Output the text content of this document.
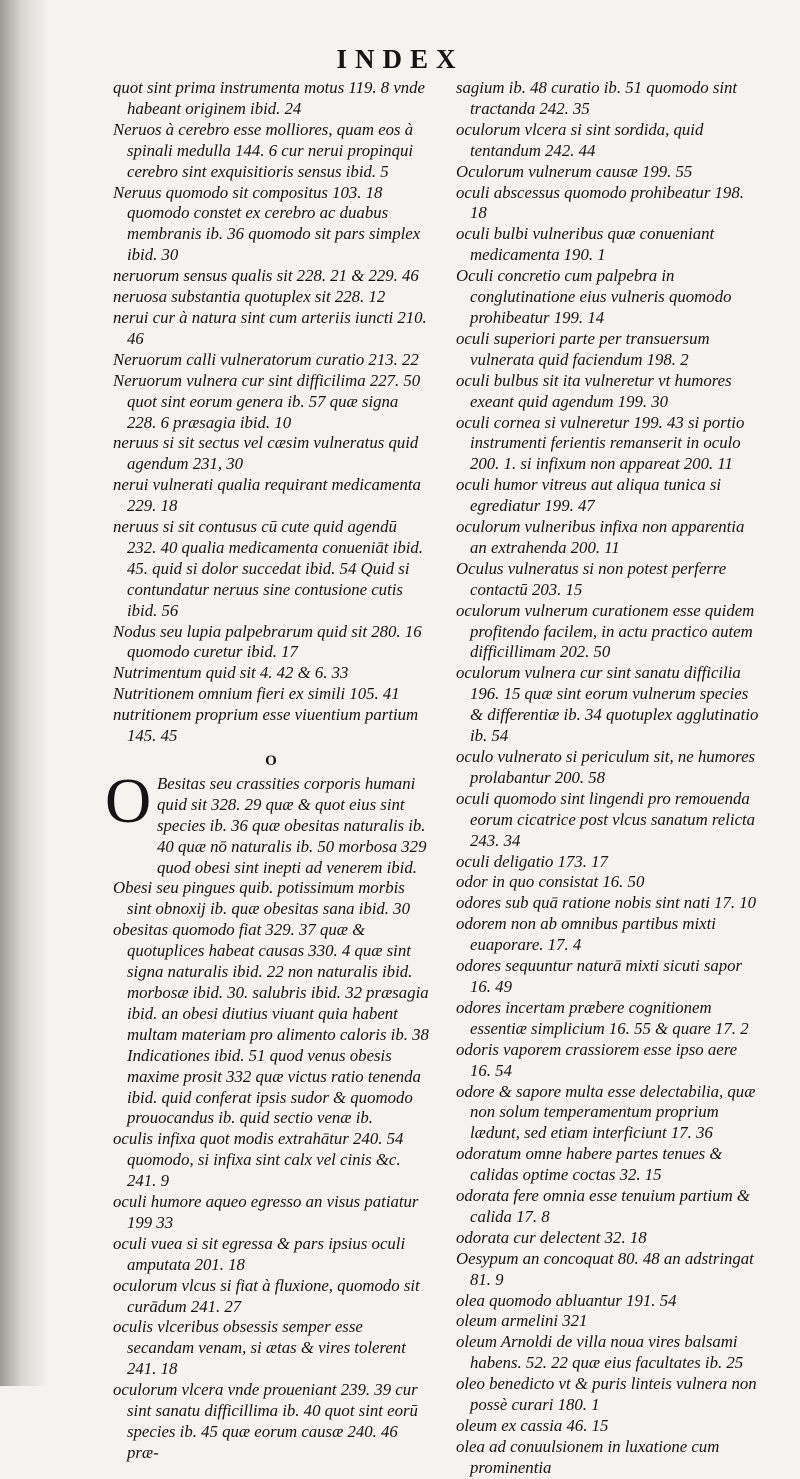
INDEX

quot sint prima instrumenta motus 119. 8 vnde habeant originem ibid. 24

Neruos à cerebro esse molliores, quam eos à spinali medulla 144. 6 cur nerui propinqui cerebro sint exquisitioris sensus ibid. 5

Neruus quomodo sit compositus 103. 18 quomodo constet ex cerebro ac duabus membranis ib. 36 quomodo sit pars simplex ibid. 30

neruorum sensus qualis sit 228. 21 & 229. 46

neruosa substantia quotuplex sit 228. 12

nerui cur à natura sint cum arteriis iuncti 210. 46

Neruorum calli vulneratorum curatio 213. 22

Neruorum vulnera cur sint difficilima 227. 50 quot sint eorum genera ib. 57 quæ signa 228. 6 præsagia ibid. 10

neruus si sit sectus vel cæsim vulneratus quid agendum 231, 30

nerui vulnerati qualia requirant medicamenta 229. 18

neruus si sit contusus cū cute quid agendū 232. 40 qualia medicamenta conueniāt ibid. 45. quid si dolor succedat ibid. 54 Quid si contundatur neruus sine contusione cutis ibid. 56

Nodus seu lupia palpebrarum quid sit 280. 16 quomodo curetur ibid. 17

Nutrimentum quid sit 4. 42 & 6. 33

Nutritionem omnium fieri ex simili 105. 41

nutritionem proprium esse viuentium partium 145. 45

O

O Besitas seu crassities corporis humani quid sit 328. 29 quæ & quot eius sint species ib. 36 quæ obesitas naturalis ib. 40 quæ nō naturalis ib. 50 morbosa 329 quod obesi sint inepti ad venerem ibid.

Obesi seu pingues quib. potissimum morbis sint obnoxij ib. quæ obesitas sana ibid. 30

obesitas quomodo fiat 329. 37 quæ & quotuplices habeat causas 330. 4 quæ sint signa naturalis ibid. 22 non naturalis ibid. morbosæ ibid. 30. salubris ibid. 32 præsagia ibid. an obesi diutius viuant quia habent multam materiam pro alimento caloris ib. 38 Indicationes ibid. 51 quod venus obesis maxime prosit 332 quæ victus ratio tenenda ibid. quid conferat ipsis sudor & quomodo prouocandus ib. quid sectio venæ ib.

oculis infixa quot modis extrahātur 240. 54 quomodo, si infixa sint calx vel cinis &c. 241. 9

oculi humore aqueo egresso an visus patiatur 199 33

oculi vuea si sit egressa & pars ipsius oculi amputata 201. 18

oculorum vlcus si fiat à fluxione, quomodo sit curādum 241. 27

oculis vlceribus obsessis semper esse secandam venam, si ætas & vires tolerent 241. 18

oculorum vlcera vnde proueniant 239. 39 cur sint sanatu difficillima ib. 40 quot sint eorū species ib. 45 quæ eorum causæ 240. 46 præ-

sagium ib. 48 curatio ib. 51 quomodo sint tractanda 242. 35

oculorum vlcera si sint sordida, quid tentandum 242. 44

Oculorum vulnerum causæ 199. 55

oculi abscessus quomodo prohibeatur 198. 18

oculi bulbi vulneribus quæ conueniant medicamenta 190. 1

Oculi concretio cum palpebra in conglutinatione eius vulneris quomodo prohibeatur 199. 14

oculi superiori parte per transuersum vulnerata quid faciendum 198. 2

oculi bulbus sit ita vulneretur vt humores exeant quid agendum 199. 30

oculi cornea si vulneretur 199. 43 si portio instrumenti ferientis remanserit in oculo 200. 1. si infixum non appareat 200. 11

oculi humor vitreus aut aliqua tunica si egrediatur 199. 47

oculorum vulneribus infixa non apparentia an extrahenda 200. 11

Oculus vulneratus si non potest perferre contactū 203. 15

oculorum vulnerum curationem esse quidem profitendo facilem, in actu practico autem difficillimam 202. 50

oculorum vulnera cur sint sanatu difficilia 196. 15 quæ sint eorum vulnerum species & differentiæ ib. 34 quotuplex agglutinatio ib. 54

oculo vulnerato si periculum sit, ne humores prolabantur 200. 58

oculi quomodo sint lingendi pro remouenda eorum cicatrice post vlcus sanatum relicta 243. 34

oculi deligatio 173. 17

odor in quo consistat 16. 50

odores sub quā ratione nobis sint nati 17. 10

odorem non ab omnibus partibus mixti euaporare. 17. 4

odores sequuntur naturā mixti sicuti sapor 16. 49

odores incertam præbere cognitionem essentiæ simplicium 16. 55 & quare 17. 2

odoris vaporem crassiorem esse ipso aere 16. 54

odore & sapore multa esse delectabilia, quæ non solum temperamentum proprium lædunt, sed etiam interficiunt 17. 36

odoratum omne habere partes tenues & calidas optime coctas 32. 15

odorata fere omnia esse tenuium partium & calida 17. 8

odorata cur delectent 32. 18

Oesypum an concoquat 80. 48 an adstringat 81. 9

olea quomodo abluantur 191. 54

oleum armelini 321

oleum Arnoldi de villa noua vires balsami habens. 52. 22 quæ eius facultates ib. 25

oleo benedicto vt & puris linteis vulnera non possè curari 180. 1

oleum ex cassia 46. 15

olea ad conuulsionem in luxatione cum prominentia
